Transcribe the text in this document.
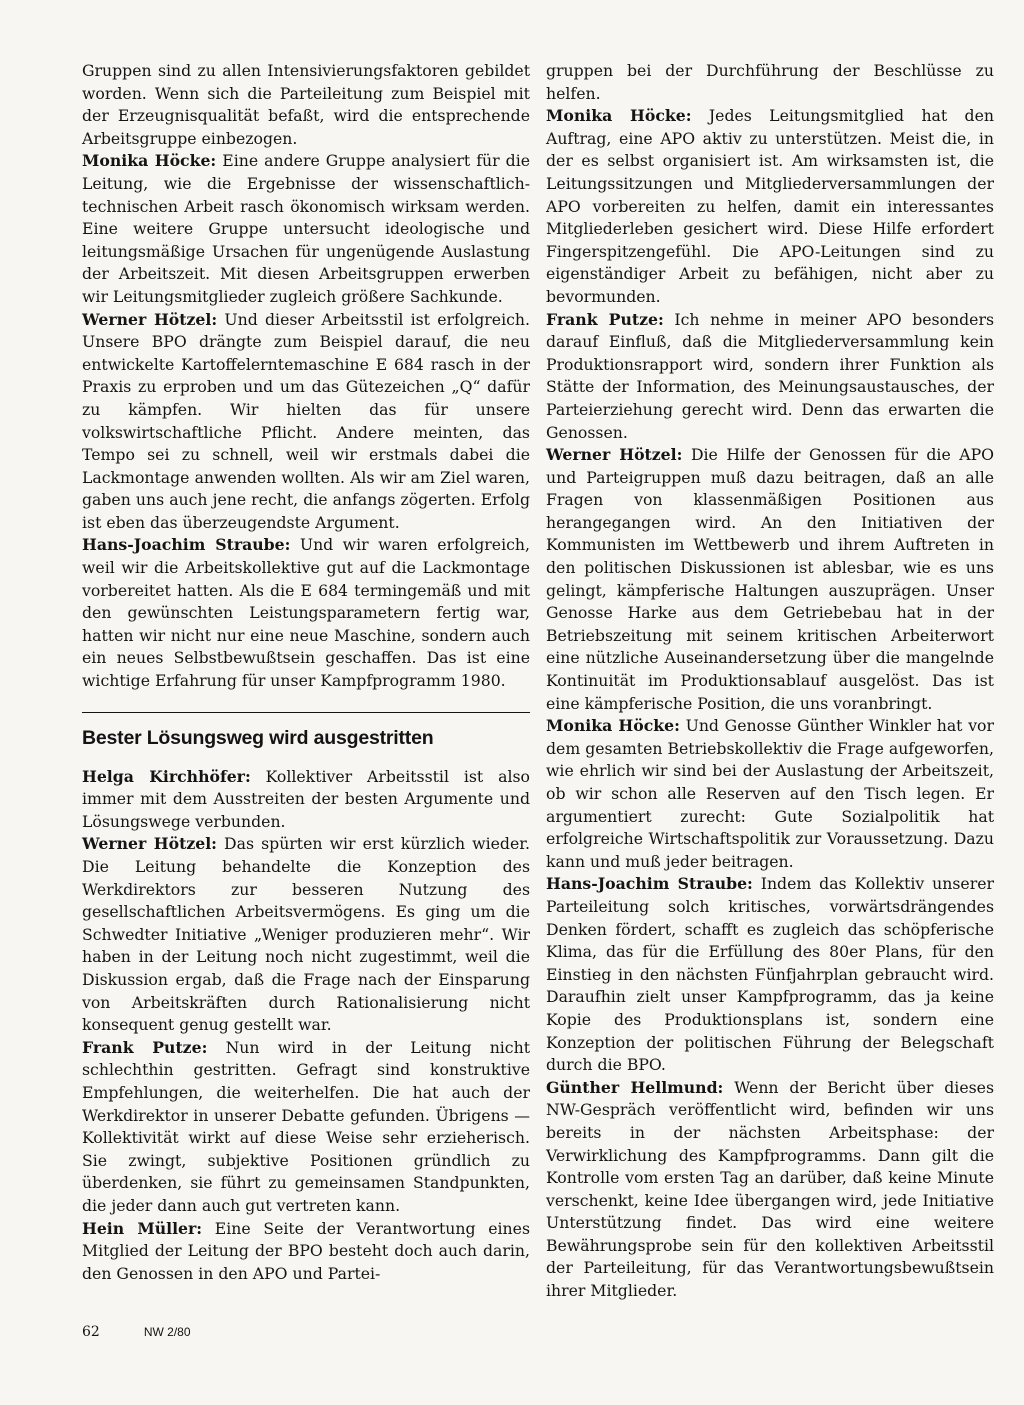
Gruppen sind zu allen Intensivierungsfaktoren gebildet worden. Wenn sich die Parteileitung zum Beispiel mit der Erzeugnisqualität befaßt, wird die entsprechende Arbeitsgruppe einbezogen.

Monika Höcke: Eine andere Gruppe analysiert für die Leitung, wie die Ergebnisse der wissenschaftlich-technischen Arbeit rasch ökonomisch wirksam werden. Eine weitere Gruppe untersucht ideologische und leitungsmäßige Ursachen für ungenügende Auslastung der Arbeitszeit. Mit diesen Arbeitsgruppen erwerben wir Leitungsmitglieder zugleich größere Sachkunde.

Werner Hötzel: Und dieser Arbeitsstil ist erfolgreich. Unsere BPO drängte zum Beispiel darauf, die neu entwickelte Kartoffelerntemaschine E 684 rasch in der Praxis zu erproben und um das Gütezeichen „Q“ dafür zu kämpfen. Wir hielten das für unsere volkswirtschaftliche Pflicht. Andere meinten, das Tempo sei zu schnell, weil wir erstmals dabei die Lackmontage anwenden wollten. Als wir am Ziel waren, gaben uns auch jene recht, die anfangs zögerten. Erfolg ist eben das überzeugendste Argument.

Hans-Joachim Straube: Und wir waren erfolgreich, weil wir die Arbeitskollektive gut auf die Lackmontage vorbereitet hatten. Als die E 684 termingemäß und mit den gewünschten Leistungsparametern fertig war, hatten wir nicht nur eine neue Maschine, sondern auch ein neues Selbstbewußtsein geschaffen. Das ist eine wichtige Erfahrung für unser Kampfprogramm 1980.

Bester Lösungsweg wird ausgestritten

Helga Kirchhöfer: Kollektiver Arbeitsstil ist also immer mit dem Ausstreiten der besten Argumente und Lösungswege verbunden.

Werner Hötzel: Das spürten wir erst kürzlich wieder. Die Leitung behandelte die Konzeption des Werkdirektors zur besseren Nutzung des gesellschaftlichen Arbeitsvermögens. Es ging um die Schwedter Initiative „Weniger produzieren mehr“. Wir haben in der Leitung noch nicht zugestimmt, weil die Diskussion ergab, daß die Frage nach der Einsparung von Arbeitskräften durch Rationalisierung nicht konsequent genug gestellt war.

Frank Putze: Nun wird in der Leitung nicht schlechthin gestritten. Gefragt sind konstruktive Empfehlungen, die weiterhelfen. Die hat auch der Werkdirektor in unserer Debatte gefunden. Übrigens — Kollektivität wirkt auf diese Weise sehr erzieherisch. Sie zwingt, subjektive Positionen gründlich zu überdenken, sie führt zu gemeinsamen Standpunkten, die jeder dann auch gut vertreten kann.

Hein Müller: Eine Seite der Verantwortung eines Mitglied der Leitung der BPO besteht doch auch darin, den Genossen in den APO und Partei-

gruppen bei der Durchführung der Beschlüsse zu helfen.

Monika Höcke: Jedes Leitungsmitglied hat den Auftrag, eine APO aktiv zu unterstützen. Meist die, in der es selbst organisiert ist. Am wirksamsten ist, die Leitungssitzungen und Mitgliederversammlungen der APO vorbereiten zu helfen, damit ein interessantes Mitgliederleben gesichert wird. Diese Hilfe erfordert Fingerspitzengefühl. Die APO-Leitungen sind zu eigenständiger Arbeit zu befähigen, nicht aber zu bevormunden.

Frank Putze: Ich nehme in meiner APO besonders darauf Einfluß, daß die Mitgliederversammlung kein Produktionsrapport wird, sondern ihrer Funktion als Stätte der Information, des Meinungsaustausches, der Parteierziehung gerecht wird. Denn das erwarten die Genossen.

Werner Hötzel: Die Hilfe der Genossen für die APO und Parteigruppen muß dazu beitragen, daß an alle Fragen von klassenmäßigen Positionen aus herangegangen wird. An den Initiativen der Kommunisten im Wettbewerb und ihrem Auftreten in den politischen Diskussionen ist ablesbar, wie es uns gelingt, kämpferische Haltungen auszuprägen. Unser Genosse Harke aus dem Getriebebau hat in der Betriebszeitung mit seinem kritischen Arbeiterwort eine nützliche Auseinandersetzung über die mangelnde Kontinuität im Produktionsablauf ausgelöst. Das ist eine kämpferische Position, die uns voranbringt.

Monika Höcke: Und Genosse Günther Winkler hat vor dem gesamten Betriebskollektiv die Frage aufgeworfen, wie ehrlich wir sind bei der Auslastung der Arbeitszeit, ob wir schon alle Reserven auf den Tisch legen. Er argumentiert zurecht: Gute Sozialpolitik hat erfolgreiche Wirtschaftspolitik zur Voraussetzung. Dazu kann und muß jeder beitragen.

Hans-Joachim Straube: Indem das Kollektiv unserer Parteileitung solch kritisches, vorwärtsdrängendes Denken fördert, schafft es zugleich das schöpferische Klima, das für die Erfüllung des 80er Plans, für den Einstieg in den nächsten Fünfjahrplan gebraucht wird. Daraufhin zielt unser Kampfprogramm, das ja keine Kopie des Produktionsplans ist, sondern eine Konzeption der politischen Führung der Belegschaft durch die BPO.

Günther Hellmund: Wenn der Bericht über dieses NW-Gespräch veröffentlicht wird, befinden wir uns bereits in der nächsten Arbeitsphase: der Verwirklichung des Kampfprogramms. Dann gilt die Kontrolle vom ersten Tag an darüber, daß keine Minute verschenkt, keine Idee übergangen wird, jede Initiative Unterstützung findet. Das wird eine weitere Bewährungsprobe sein für den kollektiven Arbeitsstil der Parteileitung, für das Verantwortungsbewußtsein ihrer Mitglieder.

62	NW 2/80
